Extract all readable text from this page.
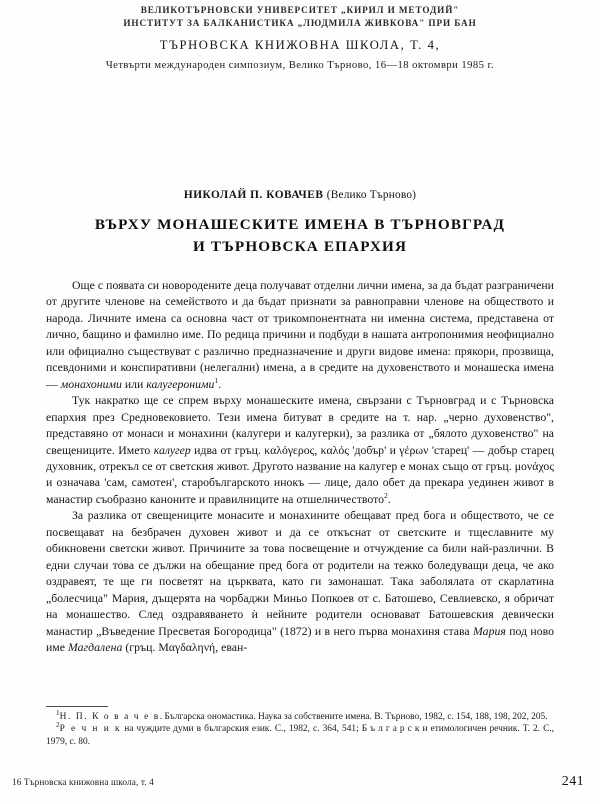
ВЕЛИКОТЪРНОВСКИ УНИВЕРСИТЕТ „КИРИЛ И МЕТОДИЙ"
ИНСТИТУТ ЗА БАЛКАНИСТИКА „ЛЮДМИЛА ЖИВКОВА" ПРИ БАН
ТЪРНОВСКА КНИЖОВНА ШКОЛА, Т. 4,
Четвърти международен симпозиум, Велико Търново, 16—18 октомври 1985 г.
НИКОЛАЙ П. КОВАЧЕВ (Велико Търново)
ВЪРХУ МОНАШЕСКИТЕ ИМЕНА В ТЪРНОВГРАД
И ТЪРНОВСКА ЕПАРХИЯ

Още с появата си новородените деца получават отделни лични имена, за да бъдат разграничени от другите членове на семейството и да бъдат признати за равноправни членове на обществото и народа. Личните имена са основна част от трикомпонентната ни именна система, представена от лично, бащино и фамилно име. По редица причини и подбуди в нашата антропонимия неофициално или официално съществуват с различно предназначение и други видове имена: прякори, прозвища, псевдоними и конспиративни (нелегални) имена, а в средите на духовенството и монашеска имена — монахоними или калугероними$^1$.

Тук накратко ще се спрем върху монашеските имена, свързани с Търновград и с Търновска епархия през Средновековието. Тези имена битуват в средите на т. нар. „черно духовенство", представяно от монаси и монахини (калугери и калугерки), за разлика от „бялото духовенство" на свещениците. Името калугер идва от гръц. καλόγερος, καλός 'добър' и γέρων 'старец' — добър старец духовник, отрекъл се от светския живот. Другото название на калугер е монах също от гръц. μονάχος и означава 'сам, самотен', старобългарското инокъ — лице, дало обет да прекара уединен живот в манастир съобразно каноните и правилниците на отшелничеството$^2$.

За разлика от свещениците монасите и монахините обещават пред бога и обществото, че се посвещават на безбрачен духовен живот и да се откъснат от светските и тщеславните му обикновени светски живот. Причините за това посвещение и отчуждение са били най-различни. В едни случаи това се дължи на обещание пред бога от родители на тежко боледуващи деца, че ако оздравеят, те ще ги посветят на църквата, като ги замонашат. Така заболялата от скарлатина „болесчица" Мария, дъщерята на чорбаджи Миньо Попкоев от с. Батошево, Севлиевско, я обричат на монашество. След оздравяването ѝ нейните родители основават Батошевския девически манастир „Въведение Пресветая Богородица" (1872) и в него първа монахиня става Мария под ново име Магдалена (гръц. Μαγδαληνή, еван-

$^1$Н. П. К о в а ч е в. Българска ономастика. Наука за собствените имена. В. Търново, 1982, с. 154, 188, 198, 202, 205.

$^2$Р е ч н и к на чуждите думи в българския език. С., 1982, с. 364, 541; Б ъ л г а р с к и етимологичен речник. Т. 2. С., 1979, с. 80.

16 Търновска книжовна школа, т. 4	241
